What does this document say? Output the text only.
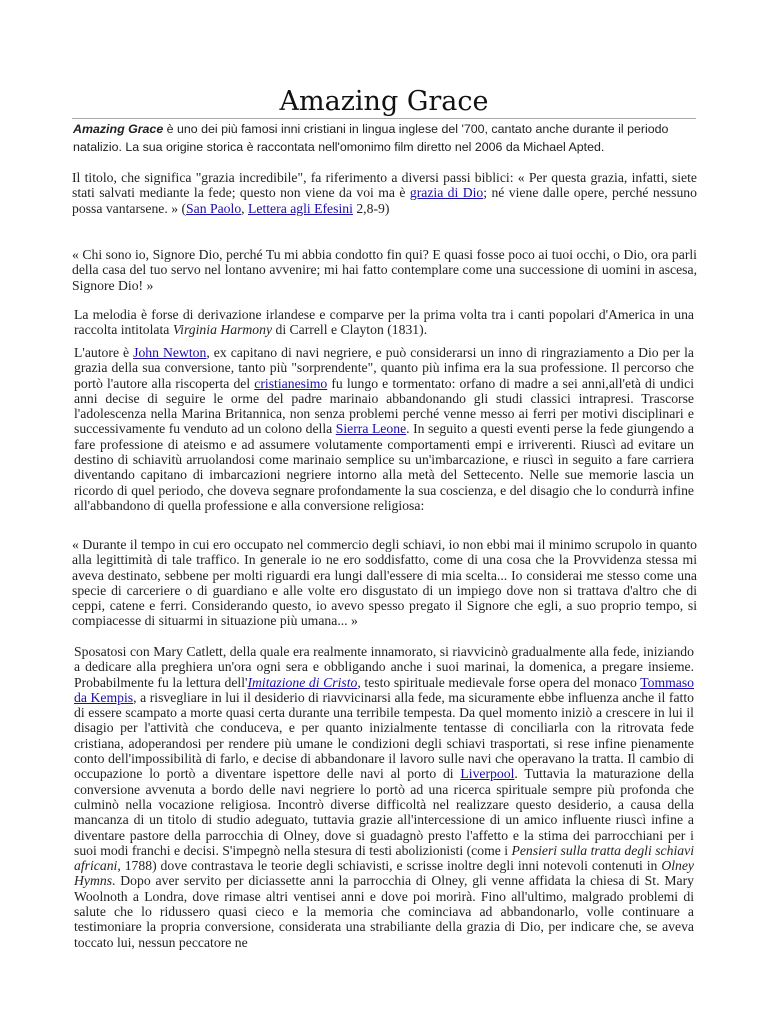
Amazing Grace

Amazing Grace è uno dei più famosi inni cristiani in lingua inglese del '700, cantato anche durante il periodo natalizio. La sua origine storica è raccontata nell'omonimo film diretto nel 2006 da Michael Apted.

Il titolo, che significa "grazia incredibile", fa riferimento a diversi passi biblici: « Per questa grazia, infatti, siete stati salvati mediante la fede; questo non viene da voi ma è grazia di Dio; né viene dalle opere, perché nessuno possa vantarsene. » (San Paolo, Lettera agli Efesini 2,8-9)

« Chi sono io, Signore Dio, perché Tu mi abbia condotto fin qui? E quasi fosse poco ai tuoi occhi, o Dio, ora parli della casa del tuo servo nel lontano avvenire; mi hai fatto contemplare come una successione di uomini in ascesa, Signore Dio! »

La melodia è forse di derivazione irlandese e comparve per la prima volta tra i canti popolari d'America in una raccolta intitolata Virginia Harmony di Carrell e Clayton (1831).

L'autore è John Newton, ex capitano di navi negriere, e può considerarsi un inno di ringraziamento a Dio per la grazia della sua conversione, tanto più "sorprendente", quanto più infima era la sua professione. Il percorso che portò l'autore alla riscoperta del cristianesimo fu lungo e tormentato: orfano di madre a sei anni,all'età di undici anni decise di seguire le orme del padre marinaio abbandonando gli studi classici intrapresi. Trascorse l'adolescenza nella Marina Britannica, non senza problemi perché venne messo ai ferri per motivi disciplinari e successivamente fu venduto ad un colono della Sierra Leone. In seguito a questi eventi perse la fede giungendo a fare professione di ateismo e ad assumere volutamente comportamenti empi e irriverenti. Riuscì ad evitare un destino di schiavitù arruolandosi come marinaio semplice su un'imbarcazione, e riuscì in seguito a fare carriera diventando capitano di imbarcazioni negriere intorno alla metà del Settecento. Nelle sue memorie lascia un ricordo di quel periodo, che doveva segnare profondamente la sua coscienza, e del disagio che lo condurrà infine all'abbandono di quella professione e alla conversione religiosa:

« Durante il tempo in cui ero occupato nel commercio degli schiavi, io non ebbi mai il minimo scrupolo in quanto alla legittimità di tale traffico. In generale io ne ero soddisfatto, come di una cosa che la Provvidenza stessa mi aveva destinato, sebbene per molti riguardi era lungi dall'essere di mia scelta... Io considerai me stesso come una specie di carceriere o di guardiano e alle volte ero disgustato di un impiego dove non si trattava d'altro che di ceppi, catene e ferri. Considerando questo, io avevo spesso pregato il Signore che egli, a suo proprio tempo, si compiacesse di situarmi in situazione più umana... »

Sposatosi con Mary Catlett, della quale era realmente innamorato, si riavvicinò gradualmente alla fede, iniziando a dedicare alla preghiera un'ora ogni sera e obbligando anche i suoi marinai, la domenica, a pregare insieme. Probabilmente fu la lettura dell'Imitazione di Cristo, testo spirituale medievale forse opera del monaco Tommaso da Kempis, a risvegliare in lui il desiderio di riavvicinarsi alla fede, ma sicuramente ebbe influenza anche il fatto di essere scampato a morte quasi certa durante una terribile tempesta. Da quel momento iniziò a crescere in lui il disagio per l'attività che conduceva, e per quanto inizialmente tentasse di conciliarla con la ritrovata fede cristiana, adoperandosi per rendere più umane le condizioni degli schiavi trasportati, si rese infine pienamente conto dell'impossibilità di farlo, e decise di abbandonare il lavoro sulle navi che operavano la tratta. Il cambio di occupazione lo portò a diventare ispettore delle navi al porto di Liverpool. Tuttavia la maturazione della conversione avvenuta a bordo delle navi negriere lo portò ad una ricerca spirituale sempre più profonda che culminò nella vocazione religiosa. Incontrò diverse difficoltà nel realizzare questo desiderio, a causa della mancanza di un titolo di studio adeguato, tuttavia grazie all'intercessione di un amico influente riuscì infine a diventare pastore della parrocchia di Olney, dove si guadagnò presto l'affetto e la stima dei parrocchiani per i suoi modi franchi e decisi. S'impegnò nella stesura di testi abolizionisti (come i Pensieri sulla tratta degli schiavi africani, 1788) dove contrastava le teorie degli schiavisti, e scrisse inoltre degli inni notevoli contenuti in Olney Hymns. Dopo aver servito per diciassette anni la parrocchia di Olney, gli venne affidata la chiesa di St. Mary Woolnoth a Londra, dove rimase altri ventisei anni e dove poi morirà. Fino all'ultimo, malgrado problemi di salute che lo ridussero quasi cieco e la memoria che cominciava ad abbandonarlo, volle continuare a testimoniare la propria conversione, considerata una strabiliante della grazia di Dio, per indicare che, se aveva toccato lui, nessun peccatore ne
